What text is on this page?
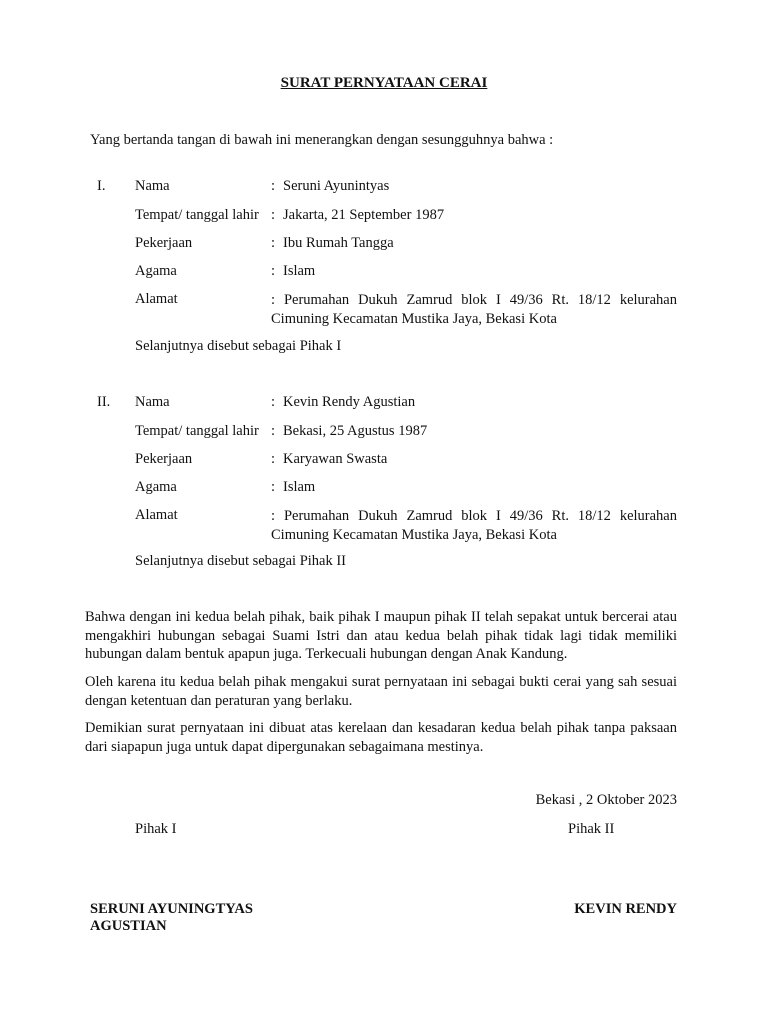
SURAT PERNYATAAN CERAI
Yang bertanda tangan di bawah ini menerangkan dengan sesungguhnya bahwa :
I.	Nama	: Seruni Ayunintyas
Tempat/ tanggal lahir : Jakarta, 21 September 1987
Pekerjaan	: Ibu Rumah Tangga
Agama	: Islam
Alamat	: Perumahan Dukuh Zamrud blok I 49/36 Rt. 18/12 kelurahan
Cimuning Kecamatan Mustika Jaya, Bekasi Kota
Selanjutnya disebut sebagai Pihak I
II.	Nama	: Kevin Rendy Agustian
Tempat/ tanggal lahir : Bekasi, 25 Agustus 1987
Pekerjaan	: Karyawan Swasta
Agama	: Islam
Alamat	: Perumahan Dukuh Zamrud blok I 49/36 Rt. 18/12 kelurahan
Cimuning Kecamatan Mustika Jaya, Bekasi Kota
Selanjutnya disebut sebagai Pihak II
Bahwa dengan ini kedua belah pihak, baik pihak I maupun pihak II telah sepakat untuk bercerai atau mengakhiri hubungan sebagai Suami Istri dan atau kedua belah pihak tidak lagi tidak memiliki hubungan dalam bentuk apapun juga. Terkecuali hubungan dengan Anak Kandung.
Oleh karena itu kedua belah pihak mengakui surat pernyataan ini sebagai bukti cerai yang sah sesuai dengan ketentuan dan peraturan yang berlaku.
Demikian surat pernyataan ini dibuat atas kerelaan dan kesadaran kedua belah pihak tanpa paksaan dari siapapun juga untuk dapat dipergunakan sebagaimana mestinya.
Bekasi , 2 Oktober 2023
Pihak I	Pihak II
SERUNI AYUNINGTYAS	KEVIN RENDY
AGUSTIAN
